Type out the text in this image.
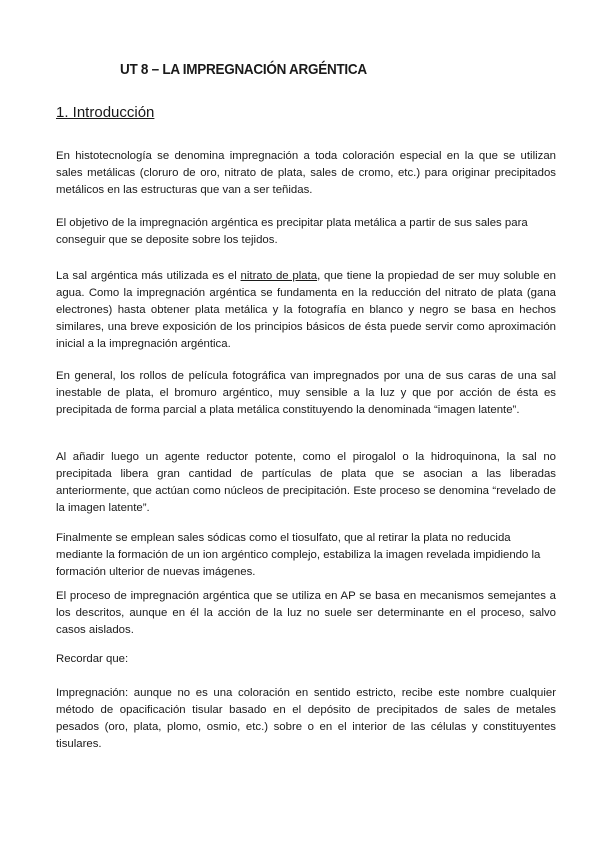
UT 8 – LA IMPREGNACIÓN ARGÉNTICA
1. Introducción

En histotecnología se denomina impregnación a toda coloración especial en la que se utilizan sales metálicas (cloruro de oro, nitrato de plata, sales de cromo, etc.) para originar precipitados metálicos en las estructuras que van a ser teñidas.

El objetivo de la impregnación argéntica es precipitar plata metálica a partir de sus sales para conseguir que se deposite sobre los tejidos.

La sal argéntica más utilizada es el nitrato de plata, que tiene la propiedad de ser muy soluble en agua. Como la impregnación argéntica se fundamenta en la reducción del nitrato de plata (gana electrones) hasta obtener plata metálica y la fotografía en blanco y negro se basa en hechos similares, una breve exposición de los principios básicos de ésta puede servir como aproximación inicial a la impregnación argéntica.

En general, los rollos de película fotográfica van impregnados por una de sus caras de una sal inestable de plata, el bromuro argéntico, muy sensible a la luz y que por acción de ésta es precipitada de forma parcial a plata metálica constituyendo la denominada “imagen latente”.

Al añadir luego un agente reductor potente, como el pirogalol o la hidroquinona, la sal no precipitada libera gran cantidad de partículas de plata que se asocian a las liberadas anteriormente, que actúan como núcleos de precipitación. Este proceso se denomina “revelado de la imagen latente”.

Finalmente se emplean sales sódicas como el tiosulfato, que al retirar la plata no reducida mediante la formación de un ion argéntico complejo, estabiliza la imagen revelada impidiendo la formación ulterior de nuevas imágenes.

El proceso de impregnación argéntica que se utiliza en AP se basa en mecanismos semejantes a los descritos, aunque en él la acción de la luz no suele ser determinante en el proceso, salvo casos aislados.

Recordar que:

Impregnación: aunque no es una coloración en sentido estricto, recibe este nombre cualquier método de opacificación tisular basado en el depósito de precipitados de sales de metales pesados (oro, plata, plomo, osmio, etc.) sobre o en el interior de las células y constituyentes tisulares.
